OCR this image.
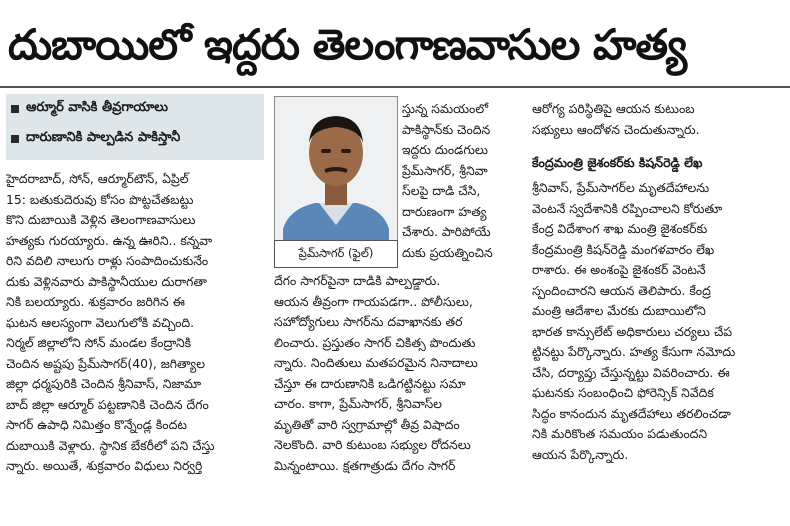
దుబాయిలో ఇద్దరు తెలంగాణవాసుల హత్య
ఆర్మూర్ వాసికి తీవ్రగాయాలు
దారుణానికి పాల్పడిన పాకిస్తానీ
హైదరాబాద్, సోన్, ఆర్మూర్‌టౌన్, ఏప్రిల్
15: బతుకుదెరువు కోసం పొట్టచేతబట్టు
కొని దుబాయికి వెళ్లిన తెలంగాణవాసులు
హత్యకు గురయ్యారు. ఉన్న ఊరిని.. కన్నవా
రిని వదిలి నాలుగు రాళ్లు సంపాదించుకునేం
దుకు వెళ్లినవారు పాకిస్థానీయుల దురాగతా
నికి బలయ్యారు. శుక్రవారం జరిగిన ఈ
ఘటన ఆలస్యంగా వెలుగులోకి వచ్చింది.
నిర్మల్ జిల్లాలోని సోన్ మండల కేంద్రానికి
చెందిన అష్టపు ప్రేమ్‌సాగర్(40), జగిత్యాల
జిల్లా ధర్మపురికి చెందిన శ్రీనివాస్, నిజామా
బాద్ జిల్లా ఆర్మూర్ పట్టణానికి చెందిన దేగం
సాగర్ ఉపాధి నిమిత్తం కొన్నేండ్ల కిందట
దుబాయికి వెళ్లారు. స్థానిక బేకరీలో పని చేస్తు
న్నారు. అయితే, శుక్రవారం విధులు నిర్వర్తి
ప్రేమ్‌సాగర్ (ఫైల్)
స్తున్న సమయంలో
పాకిస్థాన్‌కు చెందిన
ఇద్దరు దుండగులు
ప్రేమ్‌సాగర్, శ్రీనివా
స్‌లపై దాడి చేసి,
దారుణంగా హత్య
చేశారు. పారిపోయే
దుకు ప్రయత్నించిన
దేగం సాగర్‌పైనా దాడికి పాల్పడ్డారు.
ఆయన తీవ్రంగా గాయపడగా.. పోలీసులు,
సహోద్యోగులు సాగర్‌ను దవాఖానకు తర
లించారు. ప్రస్తుతం సాగర్ చికిత్స పొందుతు
న్నారు. నిందితులు మతపరమైన నినాదాలు
చేస్తూ ఈ దారుణానికి ఒడిగట్టినట్టు సమా
చారం. కాగా, ప్రేమ్‌సాగర్, శ్రీనివాస్‌ల
మృతితో వారి స్వగ్రామాల్లో తీవ్ర విషాదం
నెలకొంది. వారి కుటుంబ సభ్యుల రోదనలు
మిన్నంటాయి. క్షతగాత్రుడు దేగం సాగర్
ఆరోగ్య పరిస్థితిపై ఆయన కుటుంబ
సభ్యులు ఆందోళన చెందుతున్నారు.
కేంద్రమంత్రి జైశంకర్‌కు కిషన్‌రెడ్డి లేఖ
శ్రీనివాస్, ప్రేమ్‌సాగర్‌ల మృతదేహాలను
వెంటనే స్వదేశానికి రప్పించాలని కోరుతూ
కేంద్ర విదేశాంగ శాఖ మంత్రి జైశంకర్‌కు
కేంద్రమంత్రి కిషన్‌రెడ్డి మంగళవారం లేఖ
రాశారు. ఈ అంశంపై జైశంకర్ వెంటనే
స్పందించారని ఆయన తెలిపారు. కేంద్ర
మంత్రి ఆదేశాల మేరకు దుబాయిలోని
భారత కాన్సులేట్ అధికారులు చర్యలు చేప
ట్టినట్టు పేర్కొన్నారు. హత్య కేసుగా నమోదు
చేసి, దర్యాప్తు చేస్తున్నట్టు వివరించారు. ఈ
ఘటనకు సంబంధించి ఫోరెన్సిక్ నివేదిక
సిద్ధం కానందున మృతదేహాలు తరలించడా
నికి మరికొంత సమయం పడుతుందని
ఆయన పేర్కొన్నారు.
